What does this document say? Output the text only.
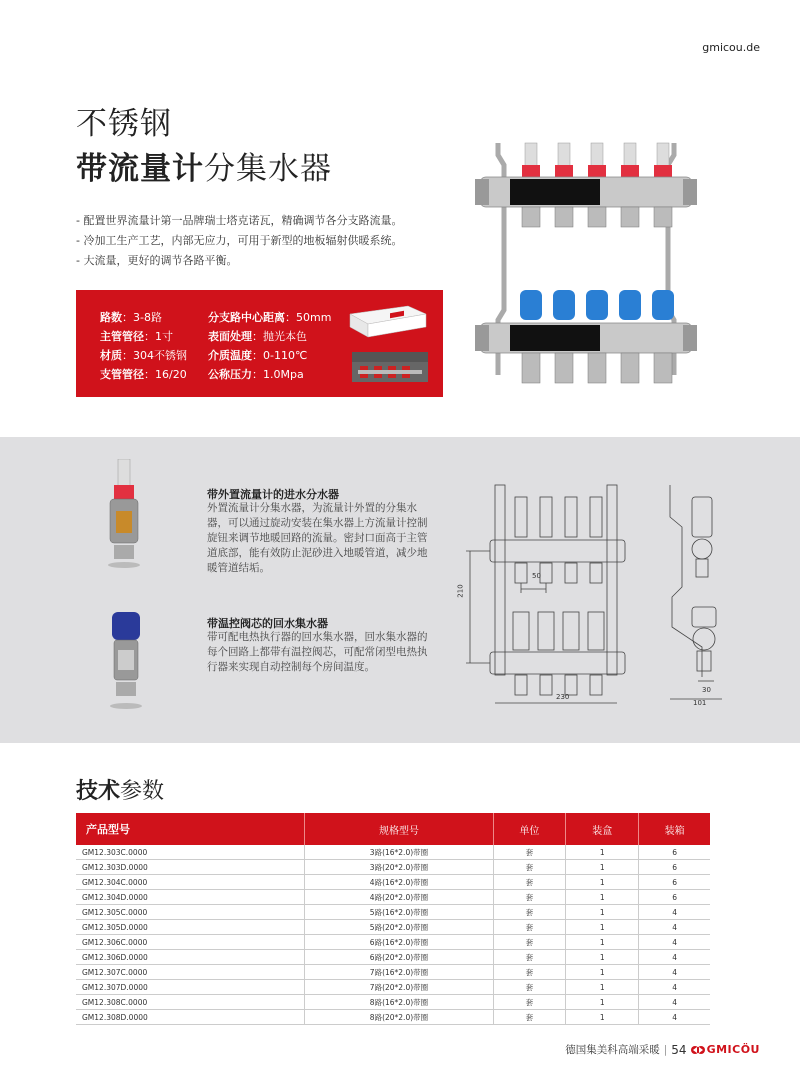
gmicou.de
不锈钢
带流量计分集水器
- 配置世界流量计第一品牌瑞士塔克诺瓦，精确调节各分支路流量。
- 冷加工生产工艺，内部无应力，可用于新型的地板辐射供暖系统。
- 大流量，更好的调节各路平衡。
路数：3-8路
主管管径：1寸
材质：304不锈钢
支管管径：16/20
分支路中心距离：50mm
表面处理：抛光本色
介质温度：0-110℃
公称压力：1.0Mpa
带外置流量计的进水分水器
外置流量计分集水器，为流量计外置的分集水器，可以通过旋动安装在集水器上方流量计控制旋钮来调节地暖回路的流量。密封口面高于主管道底部，能有效防止泥砂进入地暖管道，减少地暖管道结垢。
带温控阀芯的回水集水器
带可配电热执行器的回水集水器，回水集水器的每个回路上都带有温控阀芯，可配常闭型电热执行器来实现自动控制每个房间温度。
50
210
230
30
101
技术参数
产品型号	规格型号	单位	装盒	装箱
GM12.303C.0000	3路(16*2.0)带圈	套	1	6
GM12.303D.0000	3路(20*2.0)带圈	套	1	6
GM12.304C.0000	4路(16*2.0)带圈	套	1	6
GM12.304D.0000	4路(20*2.0)带圈	套	1	6
GM12.305C.0000	5路(16*2.0)带圈	套	1	4
GM12.305D.0000	5路(20*2.0)带圈	套	1	4
GM12.306C.0000	6路(16*2.0)带圈	套	1	4
GM12.306D.0000	6路(20*2.0)带圈	套	1	4
GM12.307C.0000	7路(16*2.0)带圈	套	1	4
GM12.307D.0000	7路(20*2.0)带圈	套	1	4
GM12.308C.0000	8路(16*2.0)带圈	套	1	4
GM12.308D.0000	8路(20*2.0)带圈	套	1	4
德国集美科高端采暖 | 54 GMICÖU
